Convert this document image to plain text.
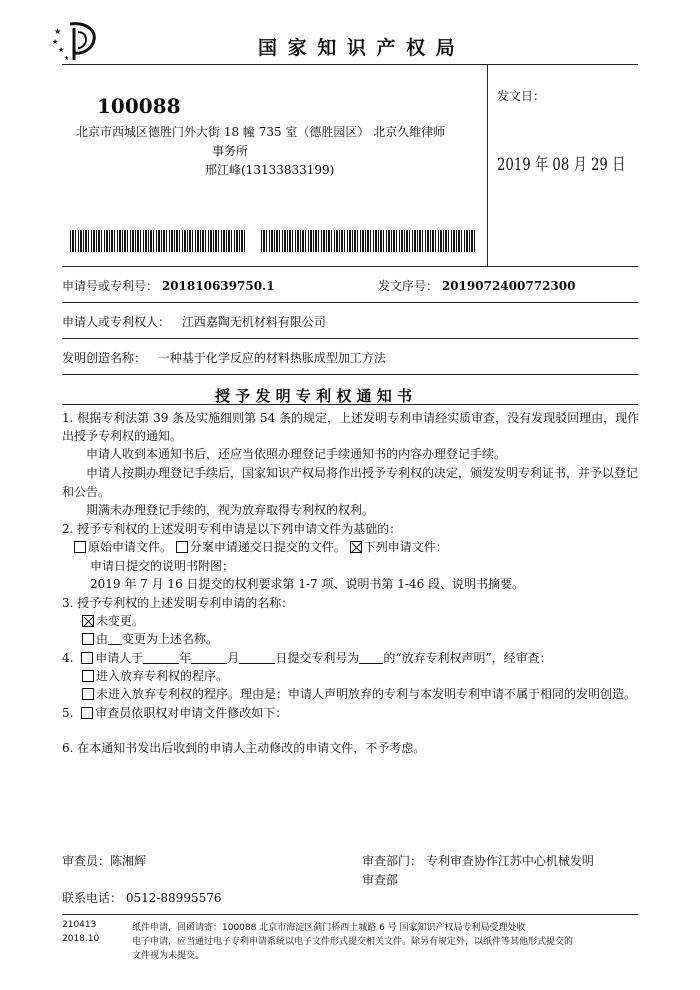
★
★
★
★	国 家 知 识 产 权 局
100088
北京市西城区德胜门外大街 18 幢 735 室（德胜园区） 北京久维律师
事务所
邢江峰(13133833199)
发文日：
2019 年 08 月 29 日
申请号或专利号： 201810639750.1	发文序号： 2019072400772300
申请人或专利权人： 江西嘉陶无机材料有限公司
发明创造名称： 一种基于化学反应的材料热胀成型加工方法
授 予 发 明 专 利 权 通 知 书
1. 根据专利法第 39 条及实施细则第 54 条的规定，上述发明专利申请经实质审查，没有发现驳回理由，现作
出授予专利权的通知。
申请人收到本通知书后，还应当依照办理登记手续通知书的内容办理登记手续。
申请人按期办理登记手续后，国家知识产权局将作出授予专利权的决定，颁发发明专利证书，并予以登记
和公告。
期满未办理登记手续的，视为放弃取得专利权的权利。
2. 授予专利权的上述发明专利申请是以下列申请文件为基础的：
原始申请文件。 分案申请递交日提交的文件。 下列申请文件：
申请日提交的说明书附图；
2019 年 7 月 16 日提交的权利要求第 1-7 项、说明书第 1-46 段、说明书摘要。
3. 授予专利权的上述发明专利申请的名称：
未变更。
由 变更为上述名称。
4. 申请人于	年	月	日提交专利号为 的“放弃专利权声明”，经审查：
进入放弃专利权的程序。
未进入放弃专利权的程序。理由是：申请人声明放弃的专利与本发明专利申请不属于相同的发明创造。
5. 审查员依职权对申请文件修改如下：
6. 在本通知书发出后收到的申请人主动修改的申请文件，不予考虑。
审查员：陈湘辉	审查部门： 专利审查协作江苏中心机械发明
审查部
联系电话： 0512-88995576
210413
2018.10
纸件申请，回函请寄：100088 北京市海淀区蓟门桥西土城路 6 号 国家知识产权局专利局受理处收
电子申请，应当通过电子专利申请系统以电子文件形式提交相关文件。除另有规定外，以纸件等其他形式提交的
文件视为未提交。
